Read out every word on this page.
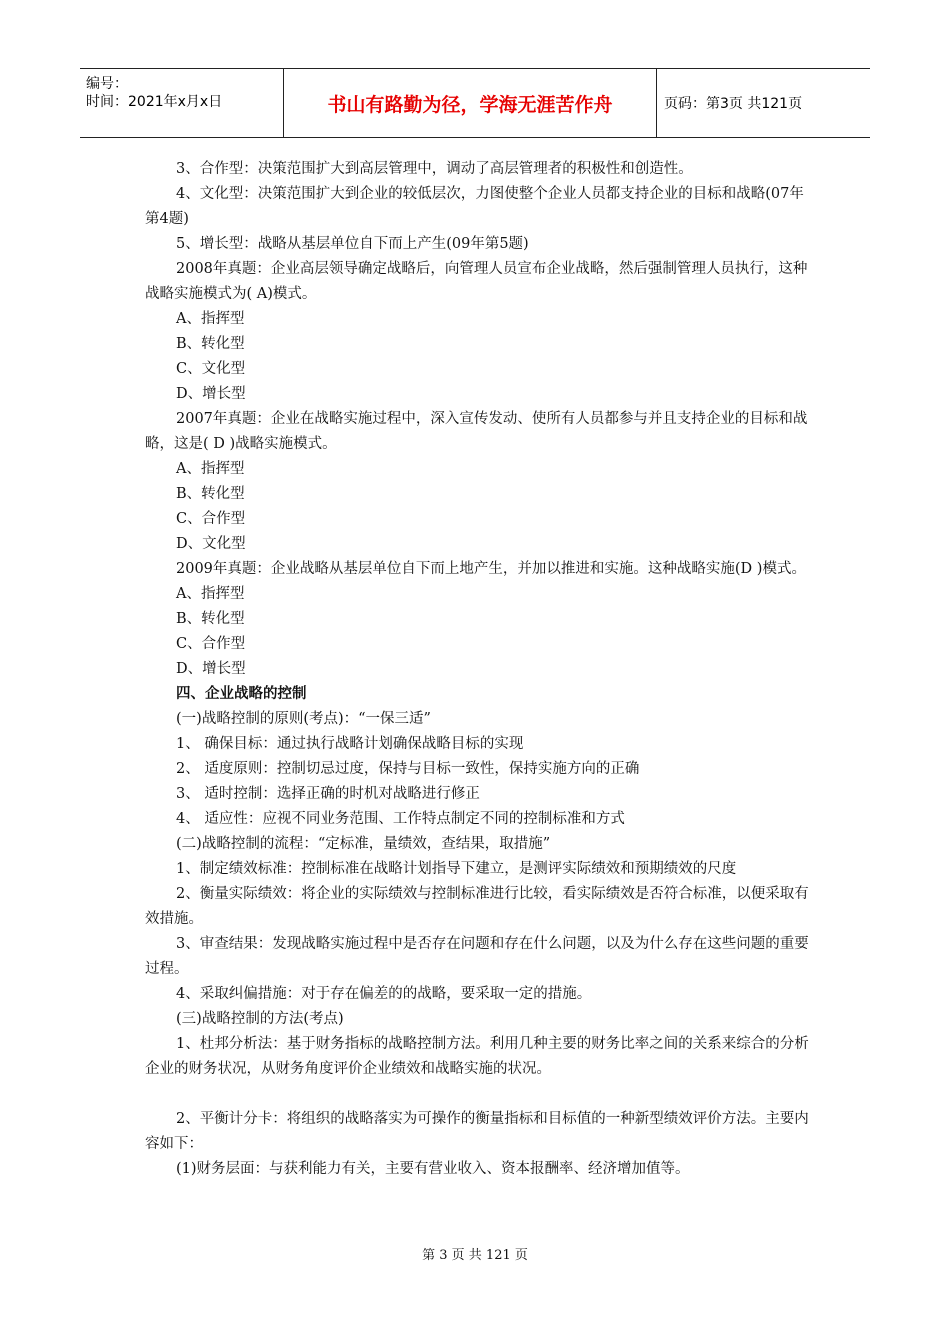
编号：
时间：2021年x月x日	书山有路勤为径，学海无涯苦作舟	页码：第3页 共121页

3、合作型：决策范围扩大到高层管理中，调动了高层管理者的积极性和创造性。

4、文化型：决策范围扩大到企业的较低层次，力图使整个企业人员都支持企业的目标和战略(07年第4题)

5、增长型：战略从基层单位自下而上产生(09年第5题)

2008年真题：企业高层领导确定战略后，向管理人员宣布企业战略，然后强制管理人员执行，这种战略实施模式为( A)模式。

A、指挥型

B、转化型

C、文化型

D、增长型

2007年真题：企业在战略实施过程中，深入宣传发动、使所有人员都参与并且支持企业的目标和战略，这是( D )战略实施模式。

A、指挥型

B、转化型

C、合作型

D、文化型

2009年真题：企业战略从基层单位自下而上地产生，并加以推进和实施。这种战略实施(D )模式。

A、指挥型

B、转化型

C、合作型

D、增长型

四、企业战略的控制

(一)战略控制的原则(考点)：“一保三适”

1、 确保目标：通过执行战略计划确保战略目标的实现

2、 适度原则：控制切忌过度，保持与目标一致性，保持实施方向的正确

3、 适时控制：选择正确的时机对战略进行修正

4、 适应性：应视不同业务范围、工作特点制定不同的控制标准和方式

(二)战略控制的流程：“定标准，量绩效，查结果，取措施”

1、制定绩效标准：控制标准在战略计划指导下建立，是测评实际绩效和预期绩效的尺度

2、衡量实际绩效：将企业的实际绩效与控制标准进行比较，看实际绩效是否符合标准，以便采取有效措施。

3、审查结果：发现战略实施过程中是否存在问题和存在什么问题，以及为什么存在这些问题的重要过程。

4、采取纠偏措施：对于存在偏差的的战略，要采取一定的措施。

(三)战略控制的方法(考点)

1、杜邦分析法：基于财务指标的战略控制方法。利用几种主要的财务比率之间的关系来综合的分析企业的财务状况，从财务角度评价企业绩效和战略实施的状况。

2、平衡计分卡：将组织的战略落实为可操作的衡量指标和目标值的一种新型绩效评价方法。主要内容如下：

(1)财务层面：与获利能力有关，主要有营业收入、资本报酬率、经济增加值等。

第 3 页 共 121 页
